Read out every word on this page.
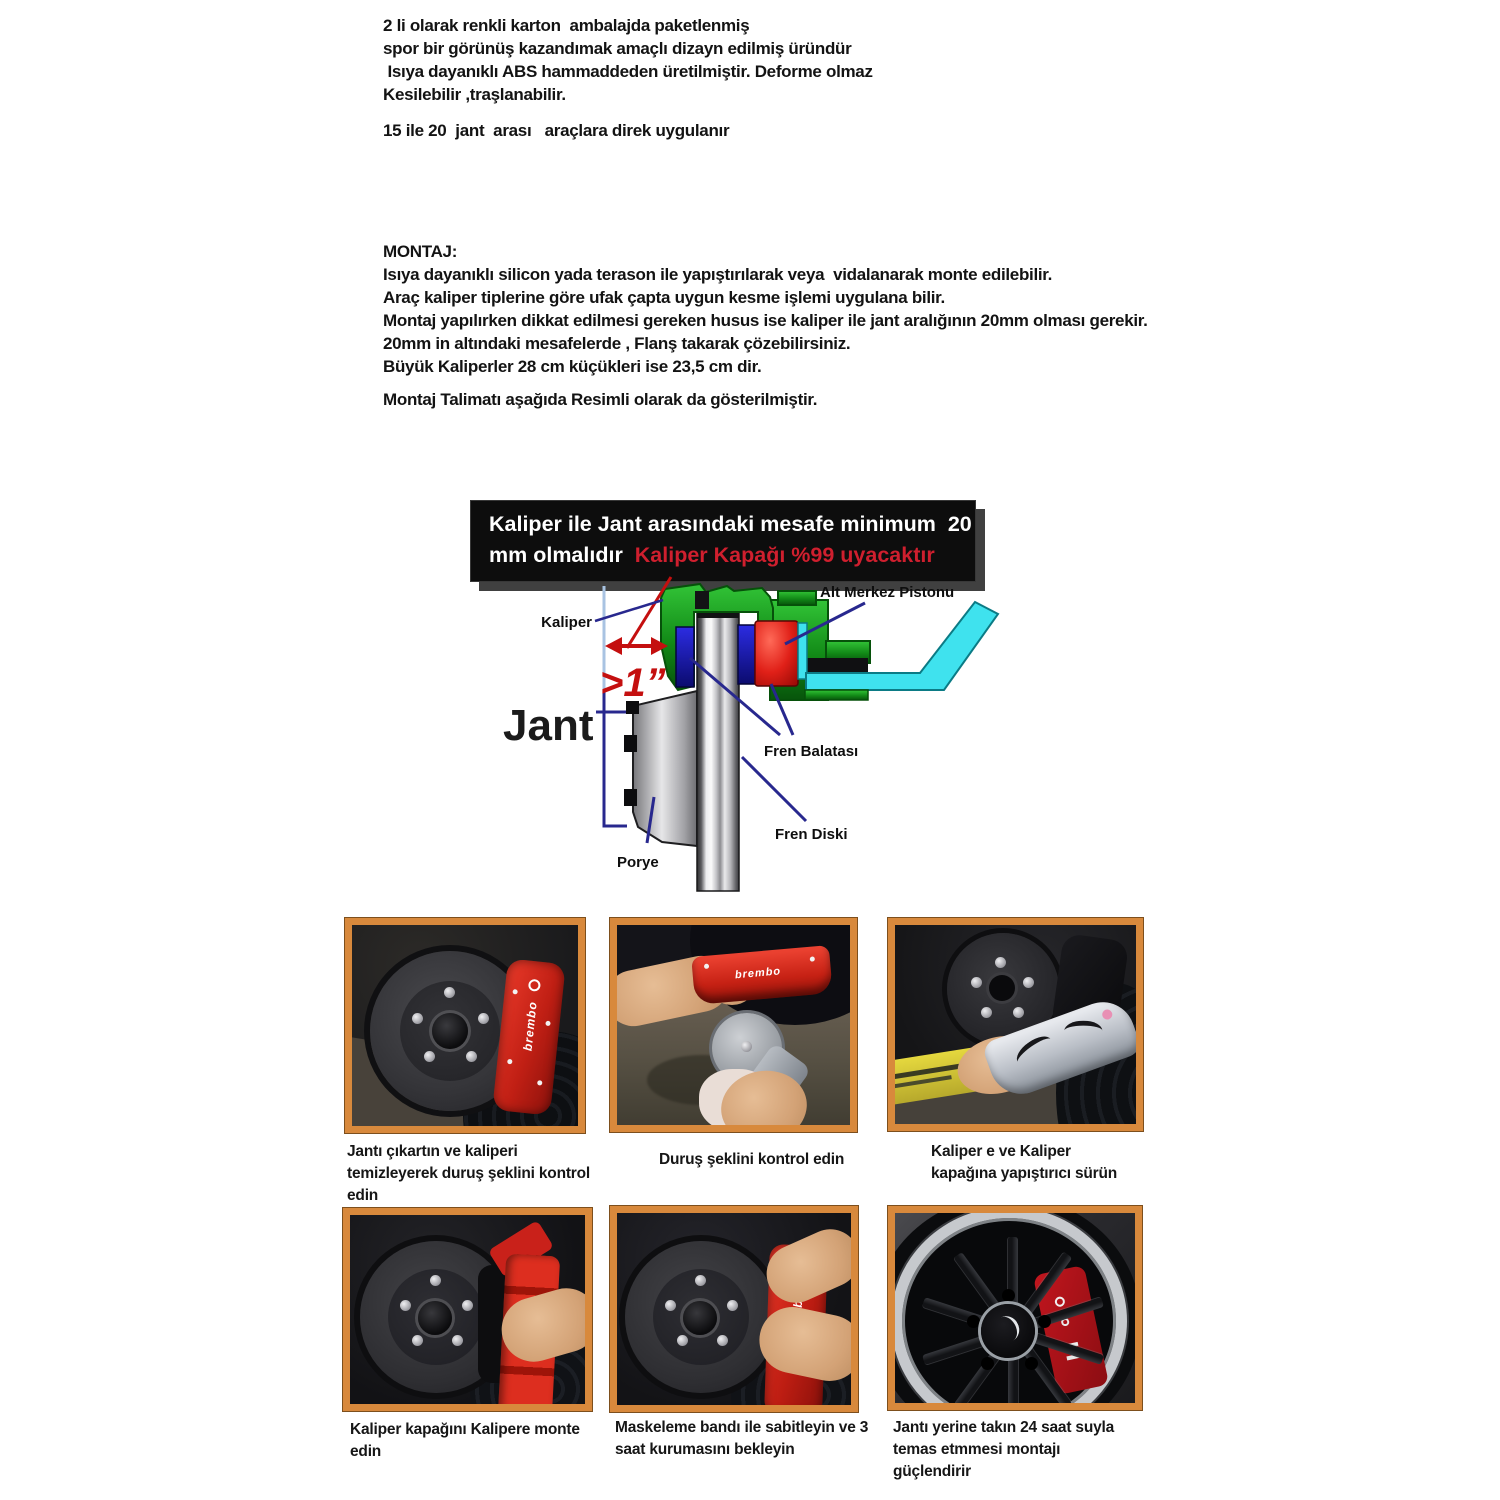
2 li olarak renkli karton  ambalajda paketlenmiş
spor bir görünüş kazandımak amaçlı dizayn edilmiş üründür
Isıya dayanıklı ABS hammaddeden üretilmiştir. Deforme olmaz
Kesilebilir ,traşlanabilir.
15 ile 20  jant  arası   araçlara direk uygulanır
MONTAJ:
Isıya dayanıklı silicon yada terason ile yapıştırılarak veya  vidalanarak monte edilebilir.
Araç kaliper tiplerine göre ufak çapta uygun kesme işlemi uygulana bilir.
Montaj yapılırken dikkat edilmesi gereken husus ise kaliper ile jant aralığının 20mm olması gerekir.
20mm in altındaki mesafelerde , Flanş takarak çözebilirsiniz.
Büyük Kaliperler 28 cm küçükleri ise 23,5 cm dir.
Montaj Talimatı aşağıda Resimli olarak da gösterilmiştir.
Kaliper ile Jant arasındaki mesafe minimum  20
mm olmalıdır  Kaliper Kapağı %99 uyacaktır
>1”
Kaliper
Alt Merkez Pistonu
Fren Balatası
Fren Diski
Porye
Jant
brembo
brembo
Jantı çıkartın ve kaliperi temizleyerek duruş şeklini kontrol edin
Duruş şeklini kontrol edin	Kaliper e ve Kaliper kapağına yapıştırıcı sürün
Kaliper kapağını Kalipere monte edin
Maskeleme bandı ile sabitleyin ve 3 saat kurumasını bekleyin
Jantı yerine takın 24 saat suyla temas etmmesi montajı güçlendirir
